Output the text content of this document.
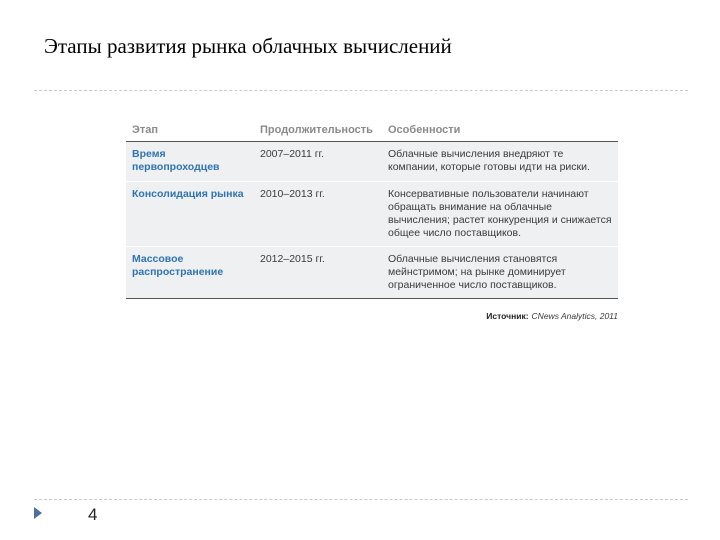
Этапы развития рынка облачных вычислений
Этап	Продолжительность	Особенности
Время первопроходцев	2007–2011 гг.	Облачные вычисления внедряют те компании, которые готовы идти на риски.
Консолидация рынка	2010–2013 гг.	Консервативные пользователи начинают обращать внимание на облачные вычисления; растет конкуренция и снижается общее число поставщиков.
Массовое распространение	2012–2015 гг.	Облачные вычисления становятся мейнстримом; на рынке доминирует ограниченное число поставщиков.
Источник: CNews Analytics, 2011
4
